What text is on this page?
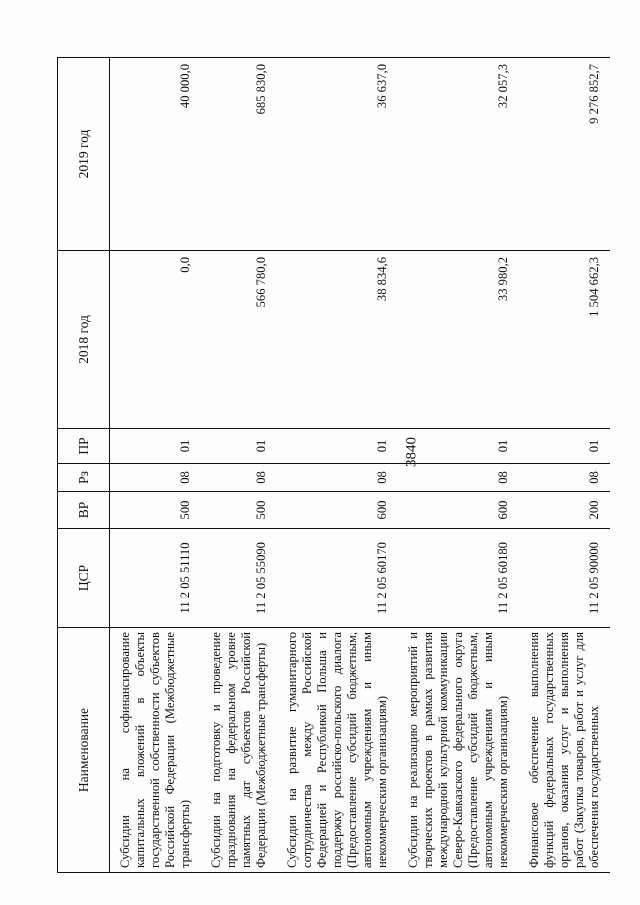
3840
Наименование	ЦСР	ВР	Рз	ПР	2018 год	2019 год
Субсидии на софинансирование капитальных вложений в объекты государственной собственности субъектов Российской Федерации (Межбюджетные трансферты)	11 2 05 51110	500	08	01	0,0	40 000,0
Субсидии на подготовку и проведение празднования на федеральном уровне памятных дат субъектов Российской Федерации (Межбюджетные трансферты)	11 2 05 55090	500	08	01	566 780,0	685 830,0
Субсидии на развитие гуманитарного сотрудничества между Российской Федерацией и Республикой Польша и поддержку российско-польского диалога (Предоставление субсидий бюджетным, автономным учреждениям и иным некоммерческим организациям)	11 2 05 60170	600	08	01	38 834,6	36 637,0
Субсидии на реализацию мероприятий и творческих проектов в рамках развития международной культурной коммуникации Северо-Кавказского федерального округа (Предоставление субсидий бюджетным, автономным учреждениям и иным некоммерческим организациям)	11 2 05 60180	600	08	01	33 980,2	32 057,3
Финансовое обеспечение выполнения функций федеральных государственных органов, оказания услуг и выполнения работ (Закупка товаров, работ и услуг для обеспечения государственных	11 2 05 90000	200	08	01	1 504 662,3	9 276 852,7
